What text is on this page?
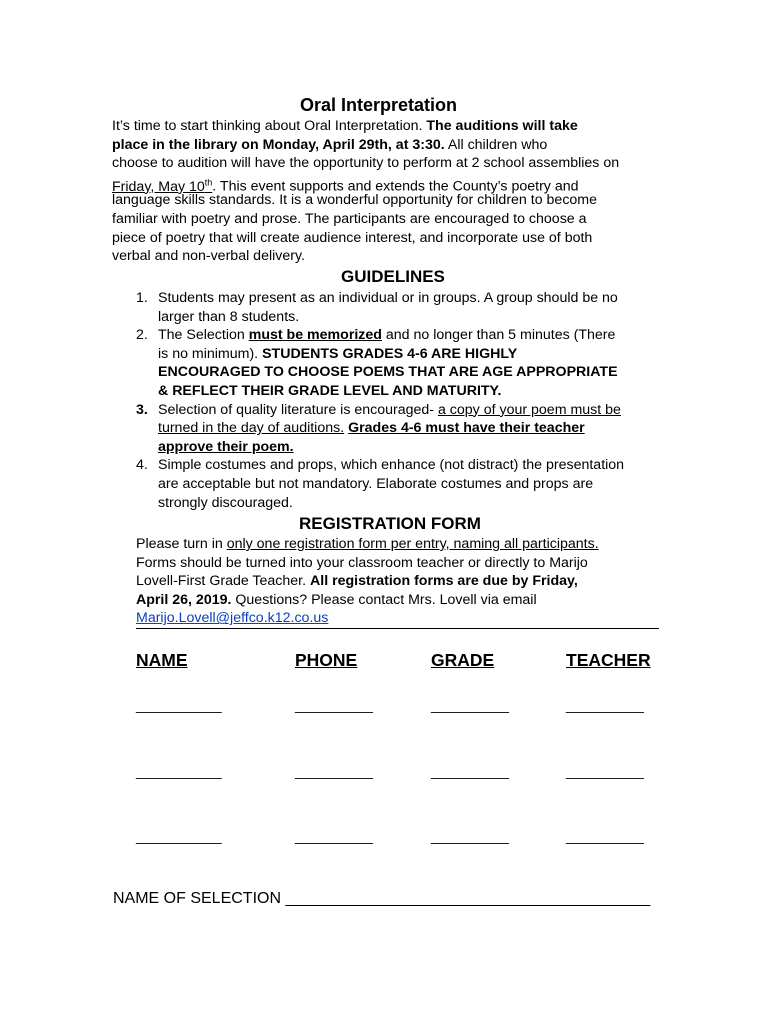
Oral Interpretation
It’s time to start thinking about Oral Interpretation. The auditions will take
place in the library on Monday, April 29th, at 3:30. All children who
choose to audition will have the opportunity to perform at 2 school assemblies on
Friday, May 10th. This event supports and extends the County’s poetry and
language skills standards. It is a wonderful opportunity for children to become
familiar with poetry and prose. The participants are encouraged to choose a
piece of poetry that will create audience interest, and incorporate use of both
verbal and non-verbal delivery.
GUIDELINES
1. Students may present as an individual or in groups. A group should be no
larger than 8 students.
2. The Selection must be memorized and no longer than 5 minutes (There
is no minimum). STUDENTS GRADES 4-6 ARE HIGHLY
ENCOURAGED TO CHOOSE POEMS THAT ARE AGE APPROPRIATE
& REFLECT THEIR GRADE LEVEL AND MATURITY.
3. Selection of quality literature is encouraged- a copy of your poem must be
turned in the day of auditions. Grades 4-6 must have their teacher
approve their poem.
4. Simple costumes and props, which enhance (not distract) the presentation
are acceptable but not mandatory. Elaborate costumes and props are
strongly discouraged.
REGISTRATION FORM
Please turn in only one registration form per entry, naming all participants.
Forms should be turned into your classroom teacher or directly to Marijo
Lovell-First Grade Teacher. All registration forms are due by Friday,
April 26, 2019. Questions? Please contact Mrs. Lovell via email
Marijo.Lovell@jeffco.k12.co.us
NAME	PHONE	GRADE	TEACHER
___________	__________	__________	__________
___________	__________	__________	__________
___________	__________	__________	__________
NAME OF SELECTION _________________________________________
